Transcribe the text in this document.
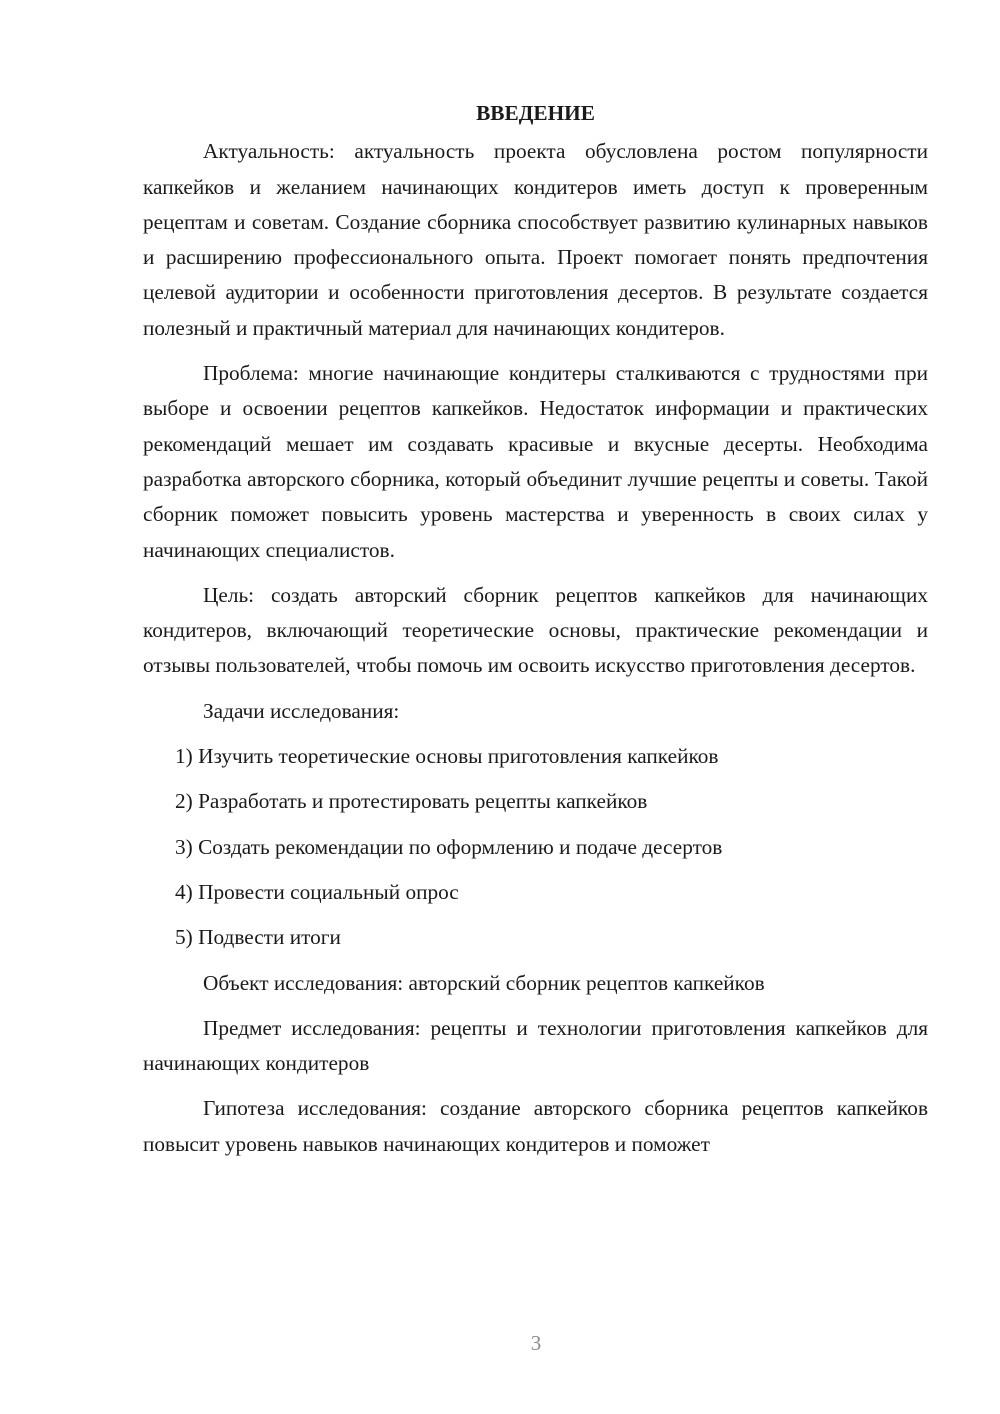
ВВЕДЕНИЕ

Актуальность: актуальность проекта обусловлена ростом популярности капкейков и желанием начинающих кондитеров иметь доступ к проверенным рецептам и советам. Создание сборника способствует развитию кулинарных навыков и расширению профессионального опыта. Проект помогает понять предпочтения целевой аудитории и особенности приготовления десертов. В результате создается полезный и практичный материал для начинающих кондитеров.

Проблема: многие начинающие кондитеры сталкиваются с трудностями при выборе и освоении рецептов капкейков. Недостаток информации и практических рекомендаций мешает им создавать красивые и вкусные десерты. Необходима разработка авторского сборника, который объединит лучшие рецепты и советы. Такой сборник поможет повысить уровень мастерства и уверенность в своих силах у начинающих специалистов.

Цель: создать авторский сборник рецептов капкейков для начинающих кондитеров, включающий теоретические основы, практические рекомендации и отзывы пользователей, чтобы помочь им освоить искусство приготовления десертов.

Задачи исследования:
1) Изучить теоретические основы приготовления капкейков
2) Разработать и протестировать рецепты капкейков
3) Создать рекомендации по оформлению и подаче десертов
4) Провести социальный опрос
5) Подвести итоги
Объект исследования: авторский сборник рецептов капкейков

Предмет исследования: рецепты и технологии приготовления капкейков для начинающих кондитеров

Гипотеза исследования: создание авторского сборника рецептов капкейков повысит уровень навыков начинающих кондитеров и поможет

3
